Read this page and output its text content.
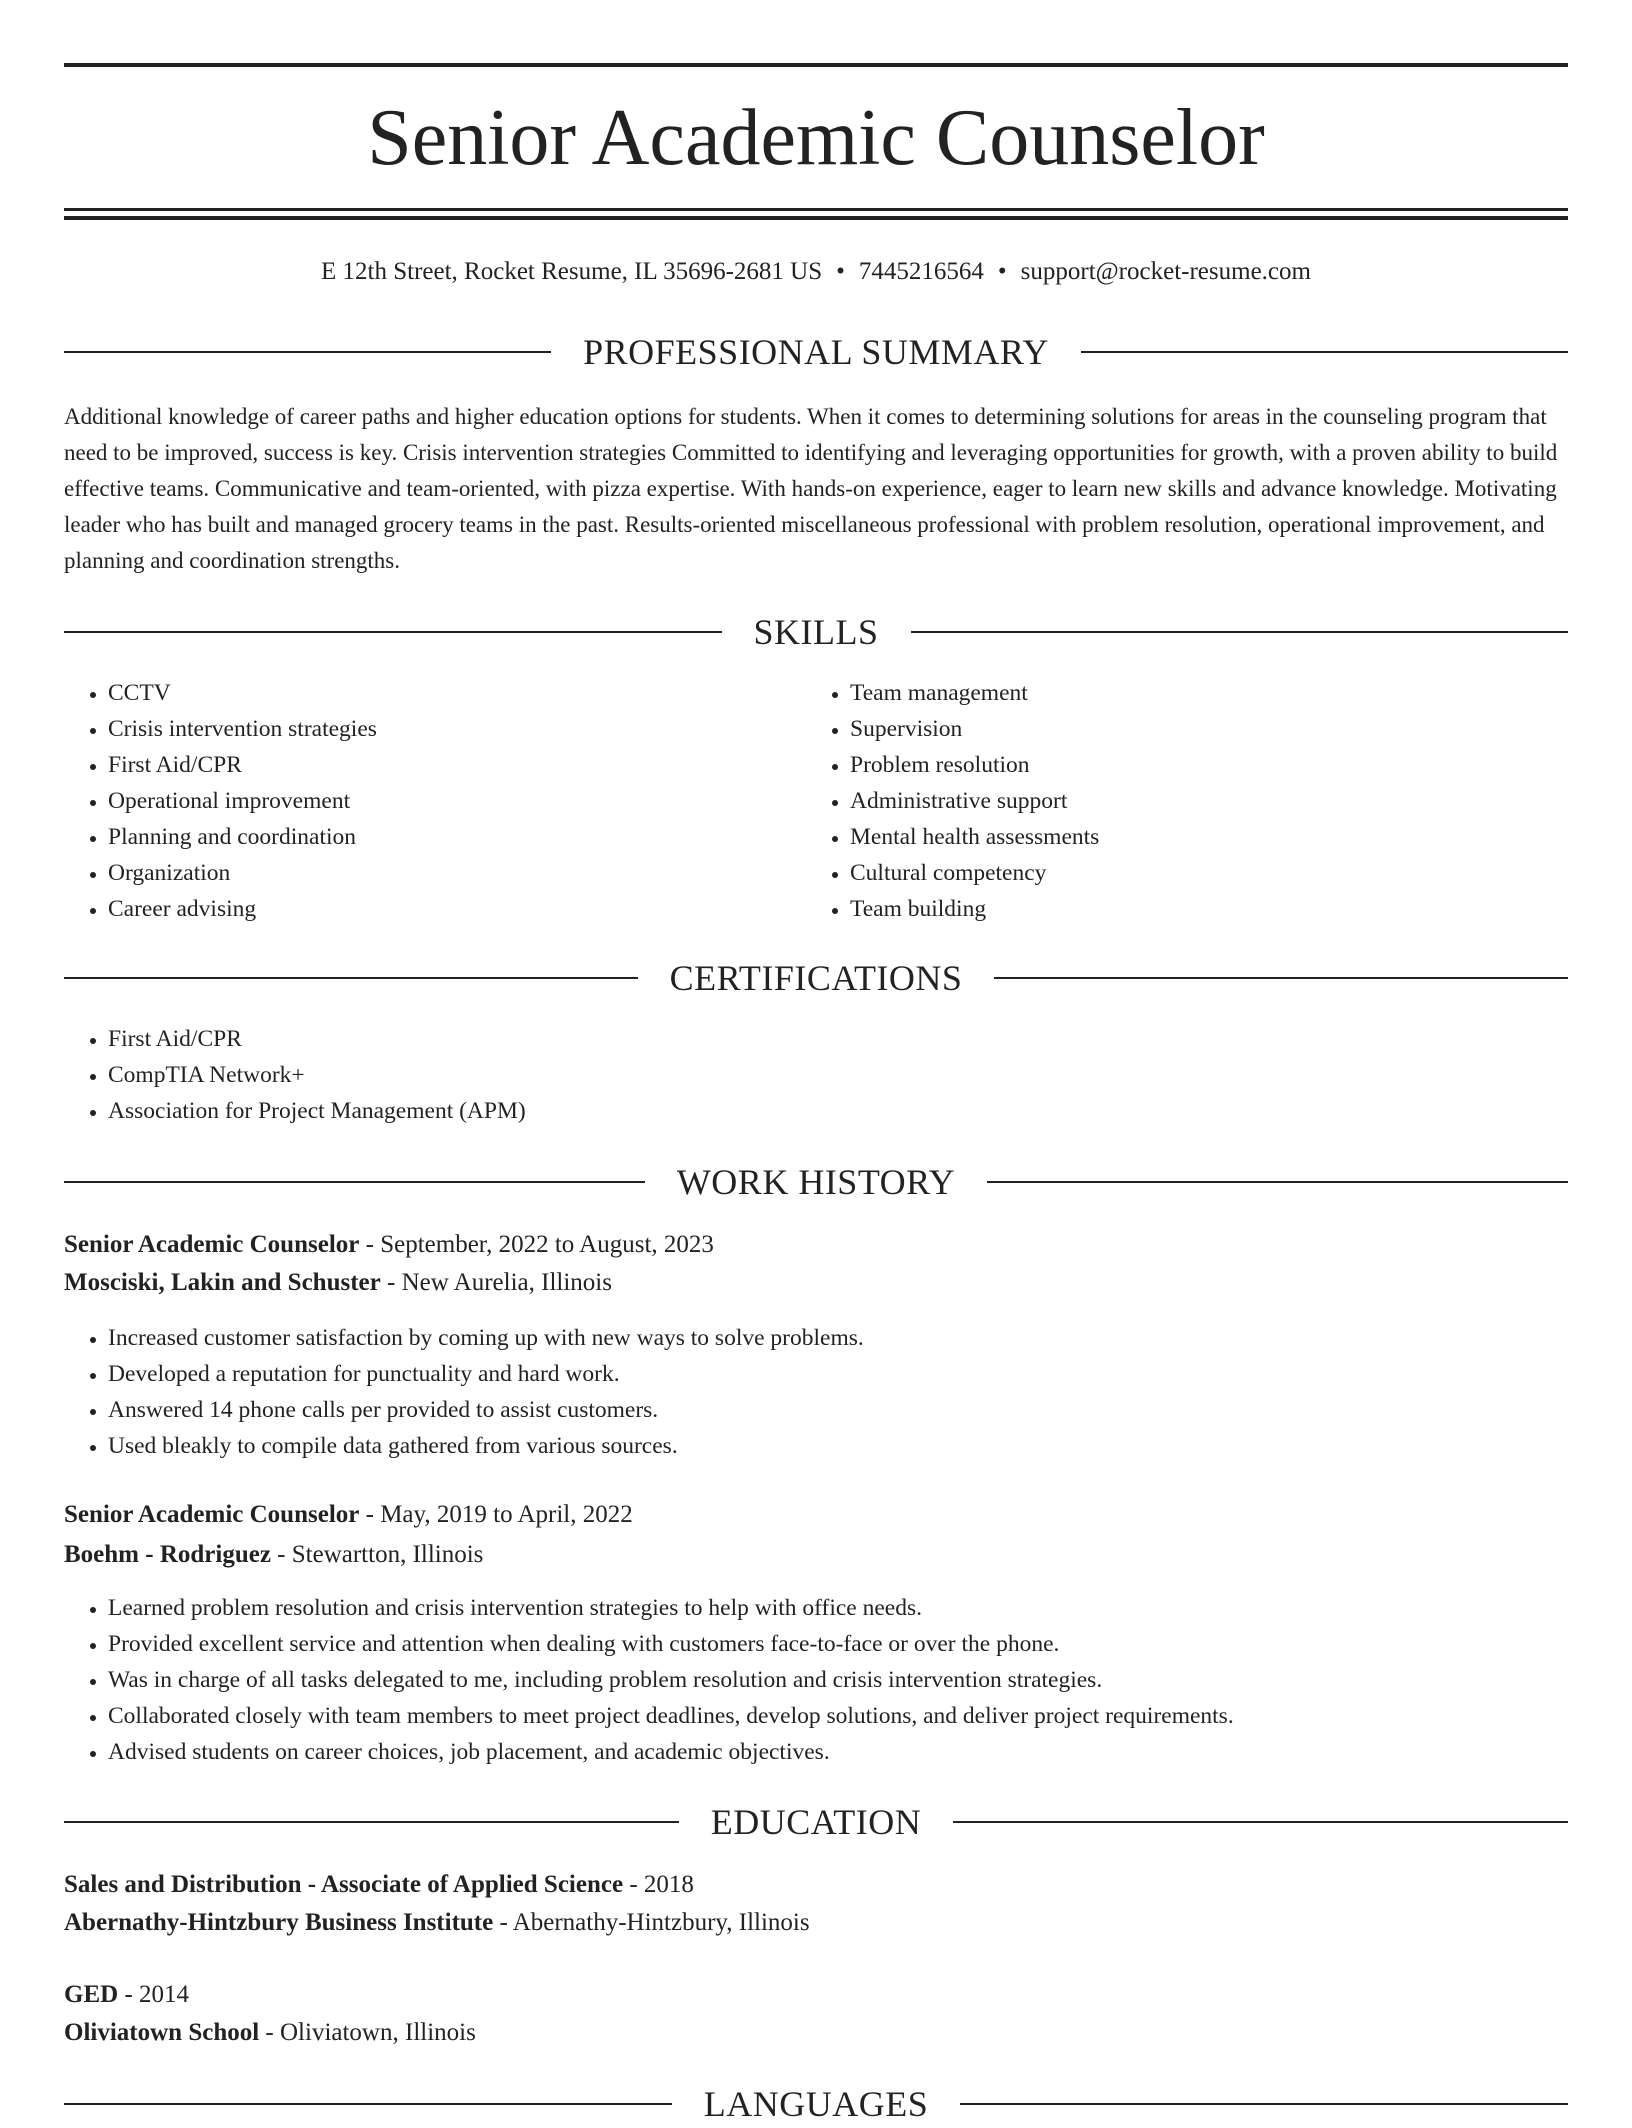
Senior Academic Counselor
E 12th Street, Rocket Resume, IL 35696-2681 US • 7445216564 • support@rocket-resume.com
PROFESSIONAL SUMMARY
Additional knowledge of career paths and higher education options for students. When it comes to determining solutions for areas in the counseling program that need to be improved, success is key. Crisis intervention strategies Committed to identifying and leveraging opportunities for growth, with a proven ability to build effective teams. Communicative and team-oriented, with pizza expertise. With hands-on experience, eager to learn new skills and advance knowledge. Motivating leader who has built and managed grocery teams in the past. Results-oriented miscellaneous professional with problem resolution, operational improvement, and planning and coordination strengths.
SKILLS
• CCTV
• Crisis intervention strategies
• First Aid/CPR
• Operational improvement
• Planning and coordination
• Organization
• Career advising
• Team management
• Supervision
• Problem resolution
• Administrative support
• Mental health assessments
• Cultural competency
• Team building
CERTIFICATIONS
• First Aid/CPR
• CompTIA Network+
• Association for Project Management (APM)
WORK HISTORY
Senior Academic Counselor - September, 2022 to August, 2023
Mosciski, Lakin and Schuster - New Aurelia, Illinois
• Increased customer satisfaction by coming up with new ways to solve problems.
• Developed a reputation for punctuality and hard work.
• Answered 14 phone calls per provided to assist customers.
• Used bleakly to compile data gathered from various sources.
Senior Academic Counselor - May, 2019 to April, 2022
Boehm - Rodriguez - Stewartton, Illinois
• Learned problem resolution and crisis intervention strategies to help with office needs.
• Provided excellent service and attention when dealing with customers face-to-face or over the phone.
• Was in charge of all tasks delegated to me, including problem resolution and crisis intervention strategies.
• Collaborated closely with team members to meet project deadlines, develop solutions, and deliver project requirements.
• Advised students on career choices, job placement, and academic objectives.
EDUCATION
Sales and Distribution - Associate of Applied Science - 2018
Abernathy-Hintzbury Business Institute - Abernathy-Hintzbury, Illinois
GED - 2014
Oliviatown School - Oliviatown, Illinois
LANGUAGES
